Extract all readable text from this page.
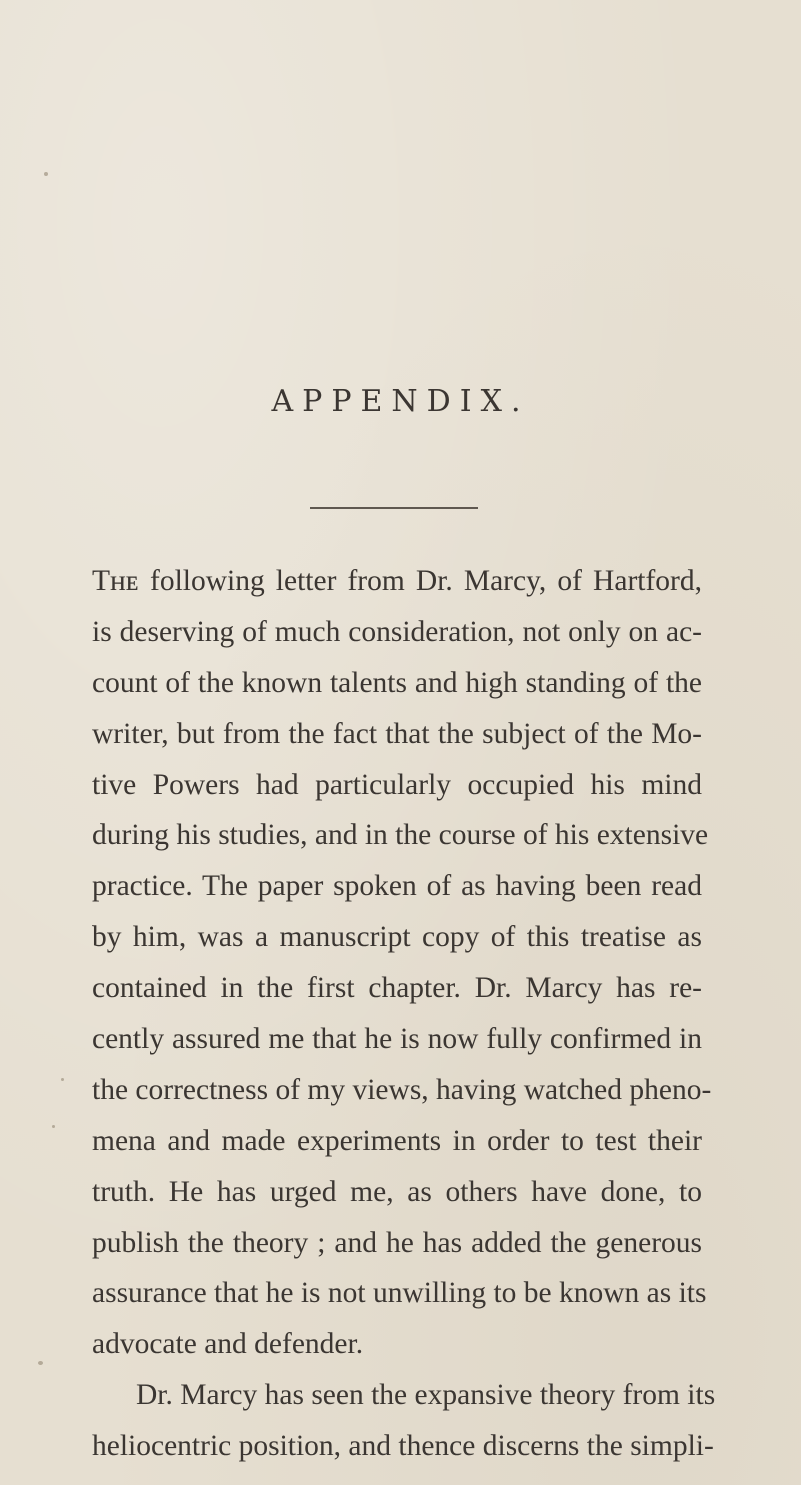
APPENDIX.
Tʜᴇ following letter from Dr. Marcy, of Hartford,
is deserving of much consideration, not only on ac-
count of the known talents and high standing of the
writer, but from the fact that the subject of the Mo-
tive Powers had particularly occupied his mind
during his studies, and in the course of his extensive
practice. The paper spoken of as having been read
by him, was a manuscript copy of this treatise as
contained in the first chapter. Dr. Marcy has re-
cently assured me that he is now fully confirmed in
the correctness of my views, having watched pheno-
mena and made experiments in order to test their
truth. He has urged me, as others have done, to
publish the theory ; and he has added the generous
assurance that he is not unwilling to be known as its
advocate and defender.
Dr. Marcy has seen the expansive theory from its
heliocentric position, and thence discerns the simpli-
